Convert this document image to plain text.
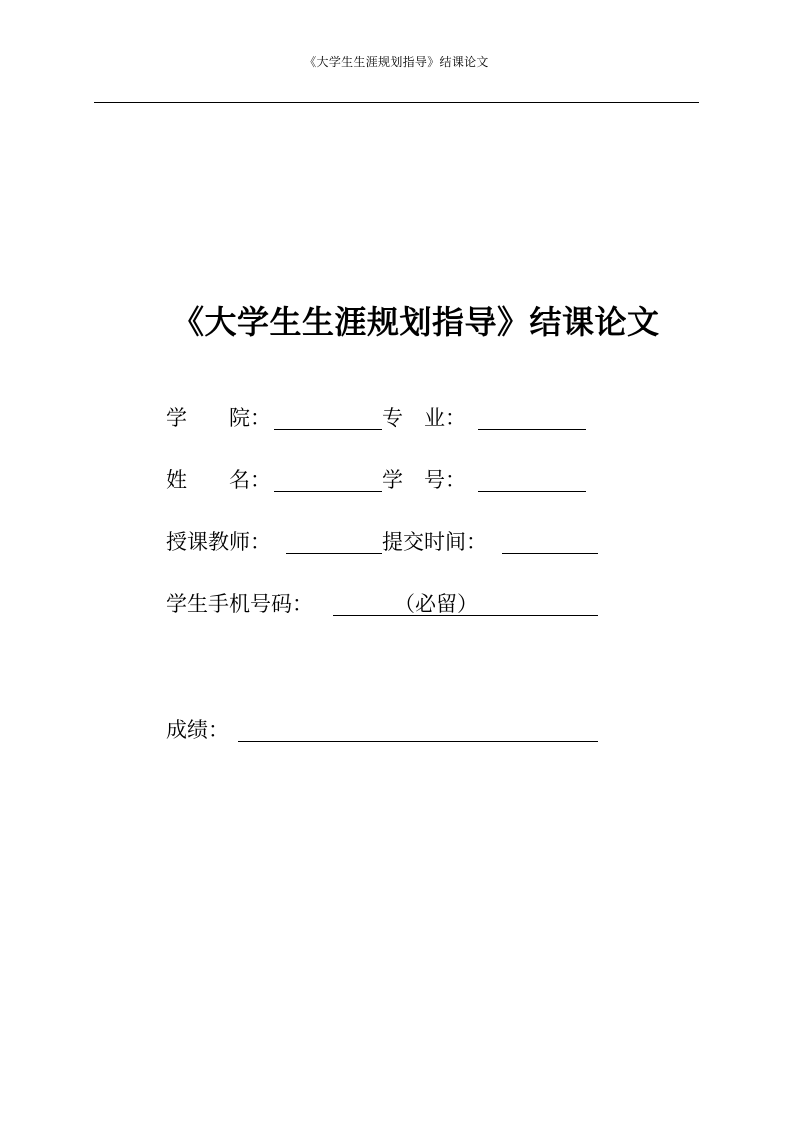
《大学生生涯规划指导》结课论文
《大学生生涯规划指导》结课论文
学　　院：	专　业：
姓　　名：	学　号：
授课教师：	提交时间：
学生手机号码：	（必留）
成绩：
